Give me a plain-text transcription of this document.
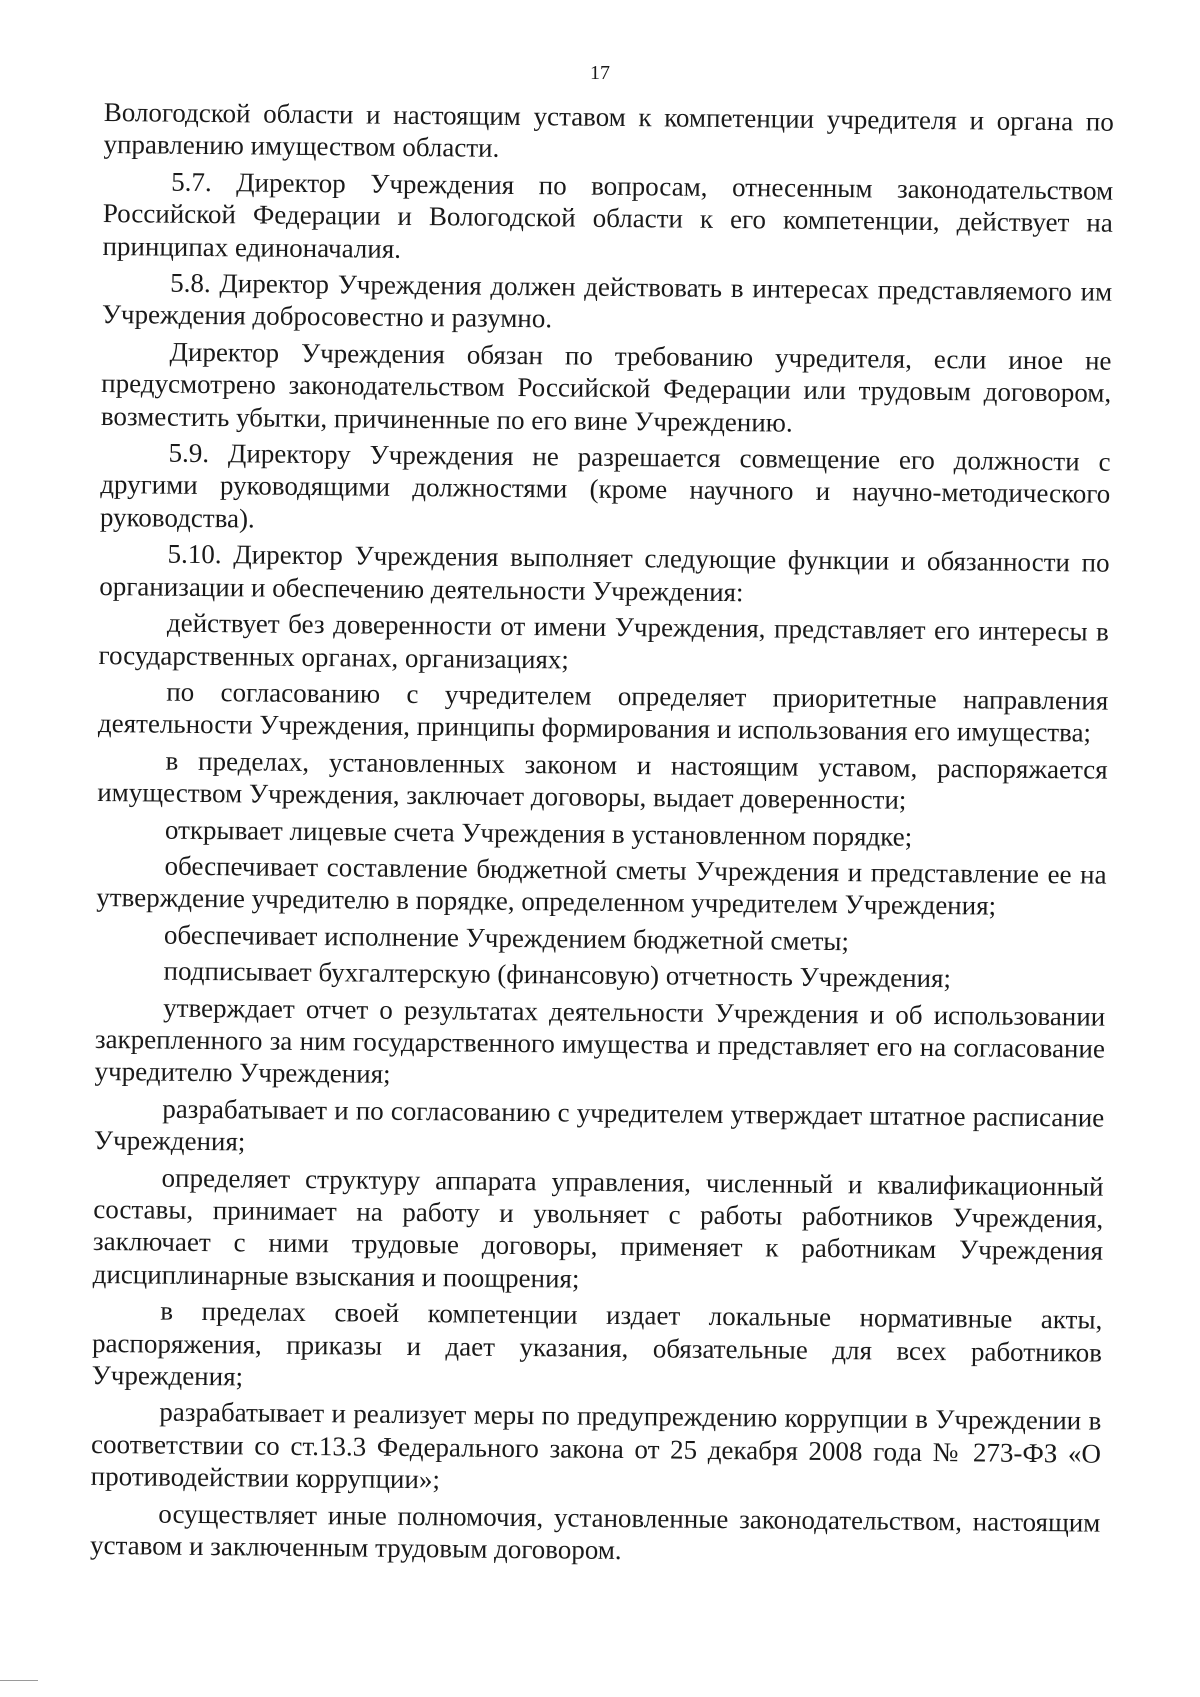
17

Вологодской области и настоящим уставом к компетенции учредителя и органа по управлению имуществом области.

5.7. Директор Учреждения по вопросам, отнесенным законодательством Российской Федерации и Вологодской области к его компетенции, действует на принципах единоначалия.

5.8. Директор Учреждения должен действовать в интересах представляемого им Учреждения добросовестно и разумно.

Директор Учреждения обязан по требованию учредителя, если иное не предусмотрено законодательством Российской Федерации или трудовым договором, возместить убытки, причиненные по его вине Учреждению.

5.9. Директору Учреждения не разрешается совмещение его должности с другими руководящими должностями (кроме научного и научно-методического руководства).

5.10. Директор Учреждения выполняет следующие функции и обязанности по организации и обеспечению деятельности Учреждения:

действует без доверенности от имени Учреждения, представляет его интересы в государственных органах, организациях;

по согласованию с учредителем определяет приоритетные направления деятельности Учреждения, принципы формирования и использования его имущества;

в пределах, установленных законом и настоящим уставом, распоряжается имуществом Учреждения, заключает договоры, выдает доверенности;

открывает лицевые счета Учреждения в установленном порядке;

обеспечивает составление бюджетной сметы Учреждения и представление ее на утверждение учредителю в порядке, определенном учредителем Учреждения;

обеспечивает исполнение Учреждением бюджетной сметы;

подписывает бухгалтерскую (финансовую) отчетность Учреждения;

утверждает отчет о результатах деятельности Учреждения и об использовании закрепленного за ним государственного имущества и представляет его на согласование учредителю Учреждения;

разрабатывает и по согласованию с учредителем утверждает штатное расписание Учреждения;

определяет структуру аппарата управления, численный и квалификационный составы, принимает на работу и увольняет с работы работников Учреждения, заключает с ними трудовые договоры, применяет к работникам Учреждения дисциплинарные взыскания и поощрения;

в пределах своей компетенции издает локальные нормативные акты, распоряжения, приказы и дает указания, обязательные для всех работников Учреждения;

разрабатывает и реализует меры по предупреждению коррупции в Учреждении в соответствии со ст.13.3 Федерального закона от 25 декабря 2008 года № 273-ФЗ «О противодействии коррупции»;

осуществляет иные полномочия, установленные законодательством, настоящим уставом и заключенным трудовым договором.
